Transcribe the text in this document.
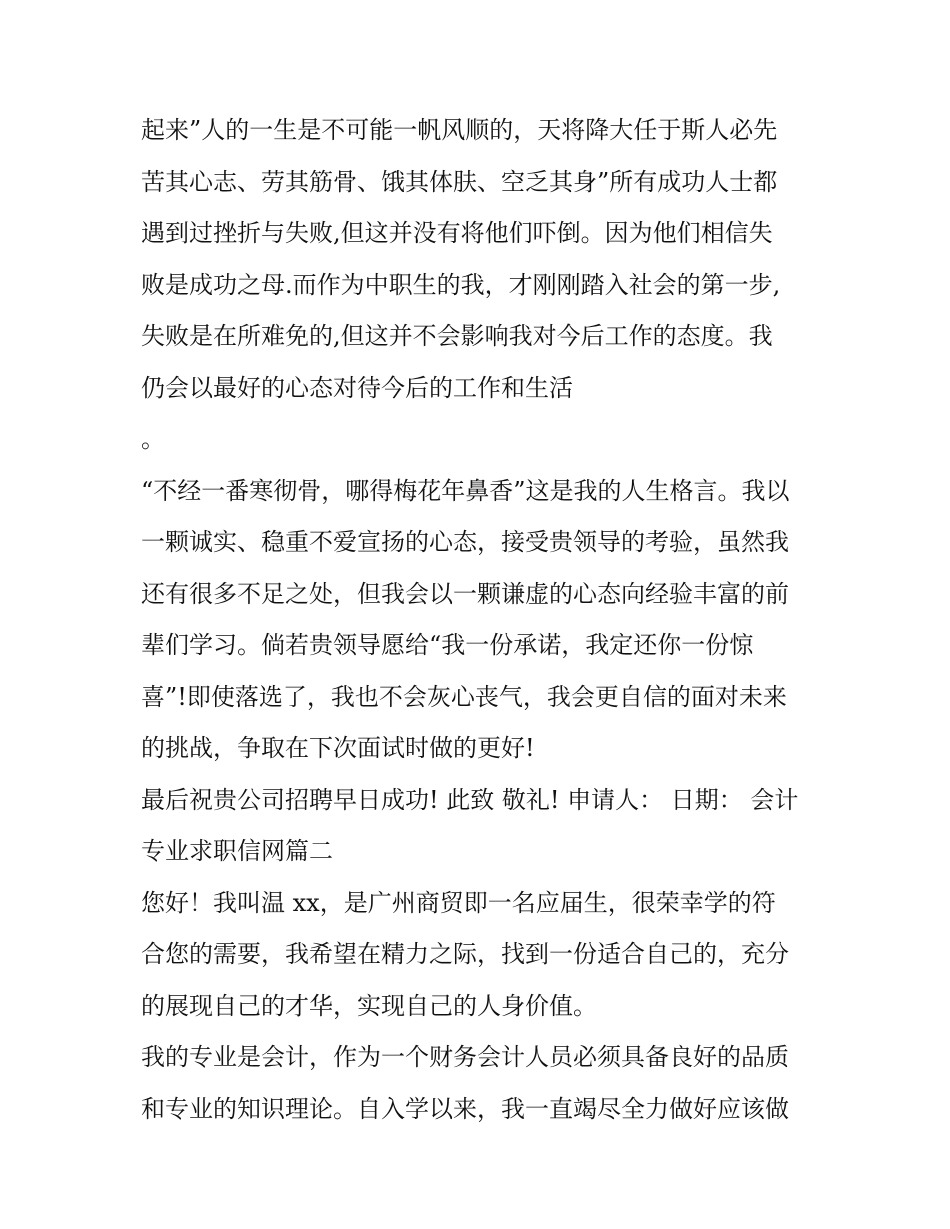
起来”人的一生是不可能一帆风顺的，天将降大任于斯人必先
苦其心志、劳其筋骨、饿其体肤、空乏其身”所有成功人士都
遇到过挫折与失败,但这并没有将他们吓倒。因为他们相信失
败是成功之母.而作为中职生的我，才刚刚踏入社会的第一步,
失败是在所难免的,但这并不会影响我对今后工作的态度。我
仍会以最好的心态对待今后的工作和生活
。
“不经一番寒彻骨，哪得梅花年鼻香”这是我的人生格言。我以
一颗诚实、稳重不爱宣扬的心态，接受贵领导的考验，虽然我
还有很多不足之处，但我会以一颗谦虚的心态向经验丰富的前
辈们学习。倘若贵领导愿给“我一份承诺，我定还你一份惊
喜”!即使落选了，我也不会灰心丧气，我会更自信的面对未来
的挑战，争取在下次面试时做的更好!
最后祝贵公司招聘早日成功! 此致 敬礼! 申请人： 日期： 会计
专业求职信网篇二
您好！我叫温 xx，是广州商贸即一名应届生，很荣幸学的符
合您的需要，我希望在精力之际，找到一份适合自己的，充分
的展现自己的才华，实现自己的人身价值。
我的专业是会计，作为一个财务会计人员必须具备良好的品质
和专业的知识理论。自入学以来，我一直竭尽全力做好应该做
